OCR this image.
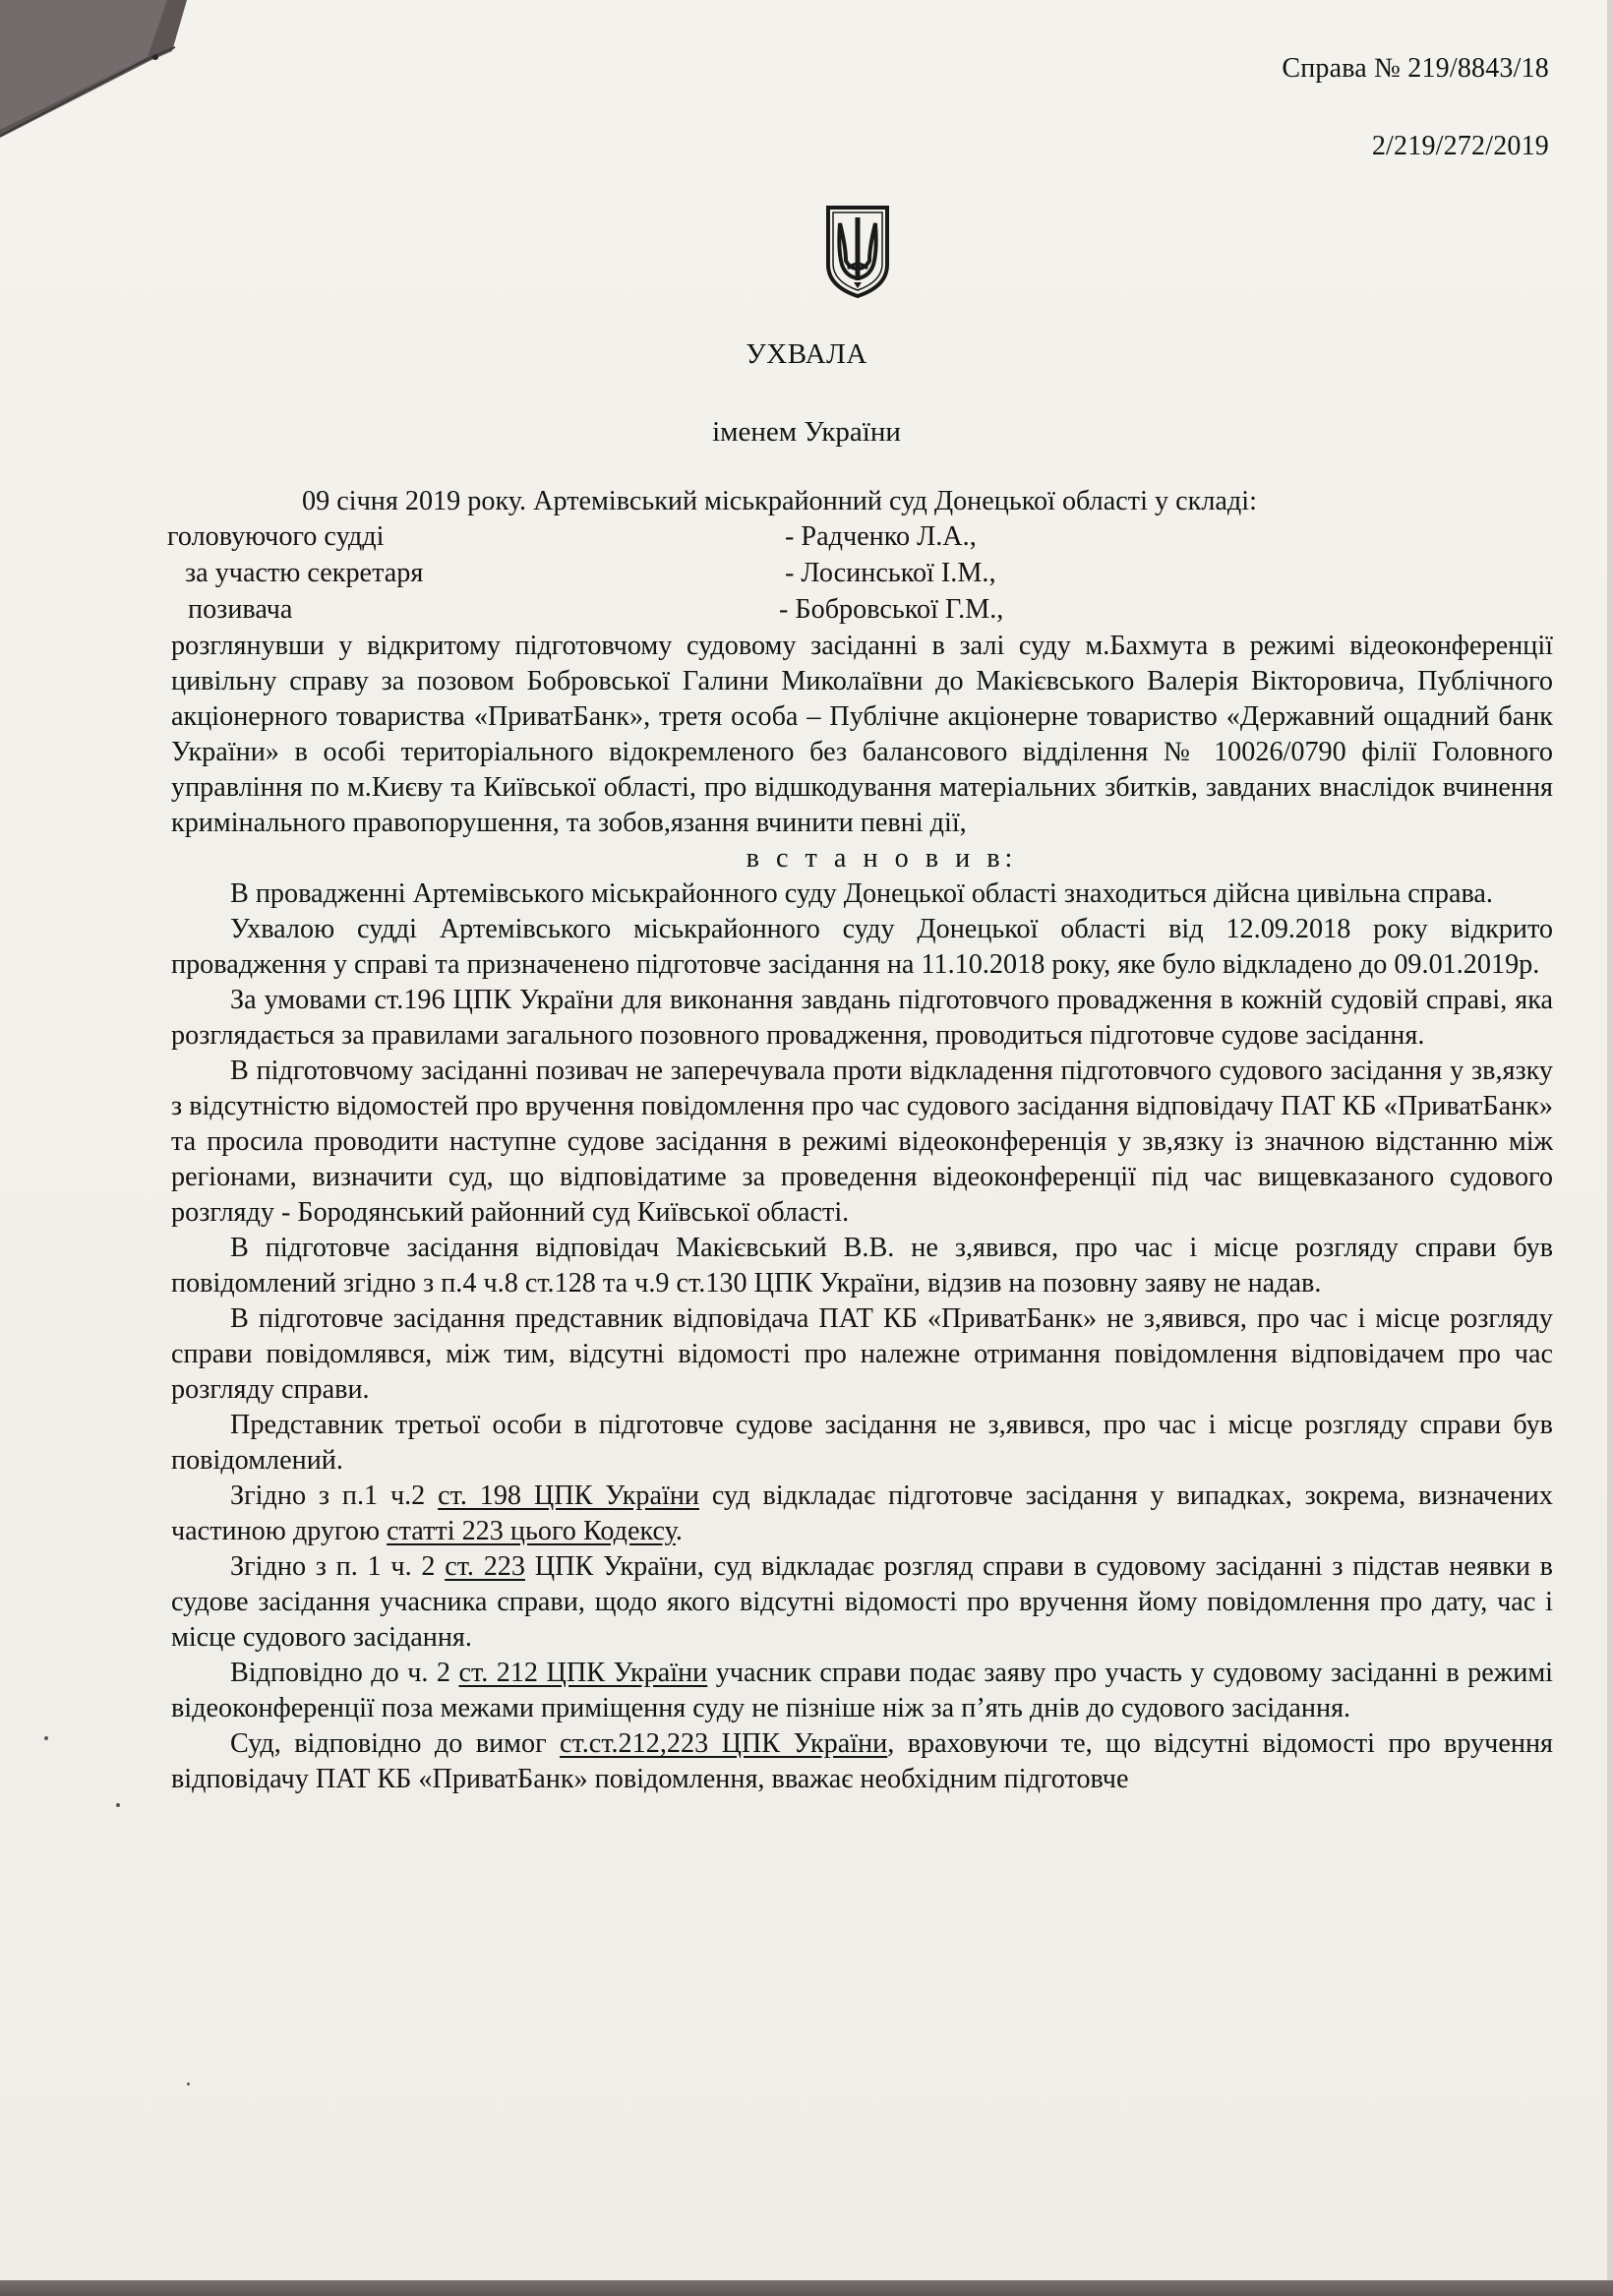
Справа № 219/8843/18
2/219/272/2019
УХВАЛА
іменем України

09 січня 2019 року. Артемівський міськрайонний суд Донецької області у складі:

головуючого судді	- Радченко Л.А.,
за участю секретаря	- Лосинської І.М.,
позивача	- Бобровської Г.М.,

розглянувши у відкритому підготовчому судовому засіданні в залі суду м.Бахмута в режимі відеоконференції цивільну справу за позовом Бобровської Галини Миколаївни до Макієвського Валерія Вікторовича, Публічного акціонерного товариства «ПриватБанк», третя особа – Публічне акціонерне товариство «Державний ощадний банк України» в особі територіального відокремленого без балансового відділення № 10026/0790 філії Головного управління по м.Києву та Київської області, про відшкодування матеріальних збитків, завданих внаслідок вчинення кримінального правопорушення, та зобов,язання вчинити певні дії,

в с т а н о в и в:

В провадженні Артемівського міськрайонного суду Донецької області знаходиться дійсна цивільна справа.

Ухвалою судді Артемівського міськрайонного суду Донецької області від 12.09.2018 року відкрито провадження у справі та призначенено підготовче засідання на 11.10.2018 року, яке було відкладено до 09.01.2019р.

За умовами ст.196 ЦПК України для виконання завдань підготовчого провадження в кожній судовій справі, яка розглядається за правилами загального позовного провадження, проводиться підготовче судове засідання.

В підготовчому засіданні позивач не заперечувала проти відкладення підготовчого судового засідання у зв,язку з відсутністю відомостей про вручення повідомлення про час судового засідання відповідачу ПАТ КБ «ПриватБанк» та просила проводити наступне судове засідання в режимі відеоконференція у зв,язку із значною відстанню між регіонами, визначити суд, що відповідатиме за проведення відеоконференції під час вищевказаного судового розгляду - Бородянський районний суд Київської області.

В підготовче засідання відповідач Макієвський В.В. не з,явився, про час і місце розгляду справи був повідомлений згідно з п.4 ч.8 ст.128 та ч.9 ст.130 ЦПК України, відзив на позовну заяву не надав.

В підготовче засідання представник відповідача ПАТ КБ «ПриватБанк» не з,явився, про час і місце розгляду справи повідомлявся, між тим, відсутні відомості про належне отримання повідомлення відповідачем про час розгляду справи.

Представник третьої особи в підготовче судове засідання не з,явився, про час і місце розгляду справи був повідомлений.

Згідно з п.1 ч.2 ст. 198 ЦПК України суд відкладає підготовче засідання у випадках, зокрема, визначених частиною другою статті 223 цього Кодексу.

Згідно з п. 1 ч. 2 ст. 223 ЦПК України, суд відкладає розгляд справи в судовому засіданні з підстав неявки в судове засідання учасника справи, щодо якого відсутні відомості про вручення йому повідомлення про дату, час і місце судового засідання.

Відповідно до ч. 2 ст. 212 ЦПК України учасник справи подає заяву про участь у судовому засіданні в режимі відеоконференції поза межами приміщення суду не пізніше ніж за п’ять днів до судового засідання.

Суд, відповідно до вимог ст.ст.212,223 ЦПК України, враховуючи те, що відсутні відомості про вручення відповідачу ПАТ КБ «ПриватБанк» повідомлення, вважає необхідним підготовче
